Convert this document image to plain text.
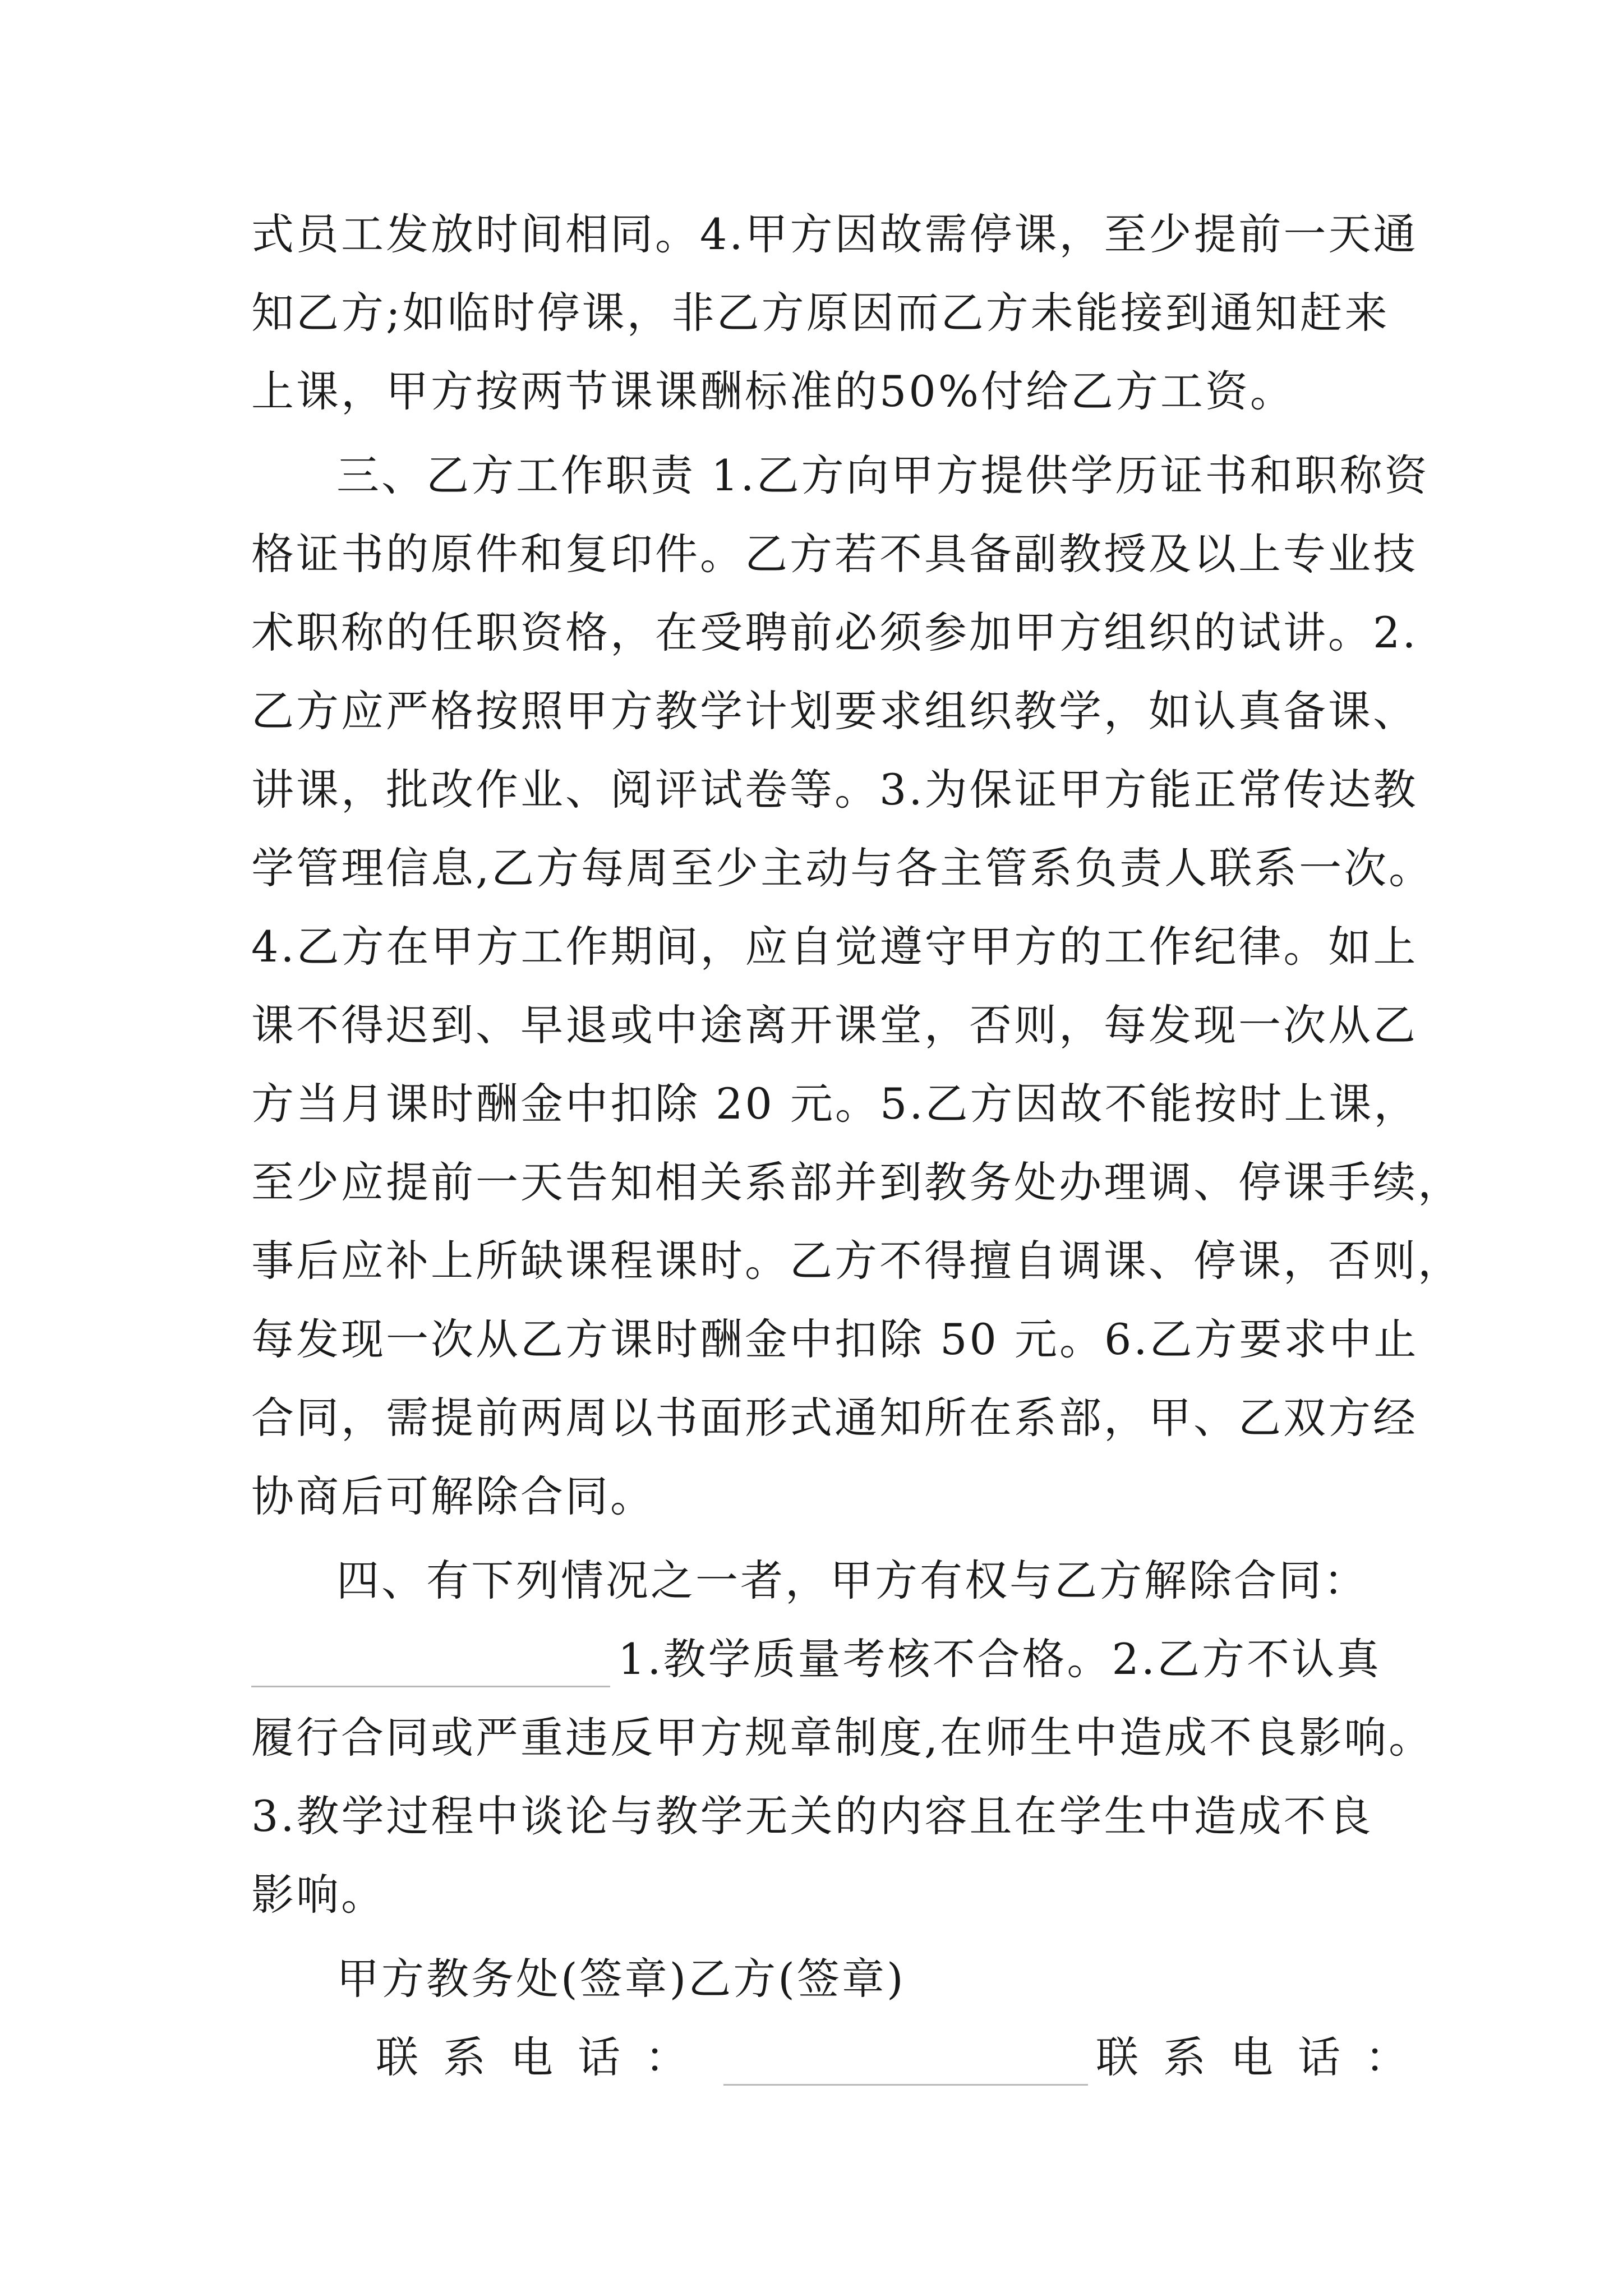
式员工发放时间相同。4.甲方因故需停课，至少提前一天通
知乙方;如临时停课，非乙方原因而乙方未能接到通知赶来
上课，甲方按两节课课酬标准的50%付给乙方工资。
三、乙方工作职责 1.乙方向甲方提供学历证书和职称资
格证书的原件和复印件。乙方若不具备副教授及以上专业技
术职称的任职资格，在受聘前必须参加甲方组织的试讲。2.
乙方应严格按照甲方教学计划要求组织教学，如认真备课、
讲课，批改作业、阅评试卷等。3.为保证甲方能正常传达教
学管理信息,乙方每周至少主动与各主管系负责人联系一次。
4.乙方在甲方工作期间，应自觉遵守甲方的工作纪律。如上
课不得迟到、早退或中途离开课堂，否则，每发现一次从乙
方当月课时酬金中扣除 20 元。5.乙方因故不能按时上课，
至少应提前一天告知相关系部并到教务处办理调、停课手续，
事后应补上所缺课程课时。乙方不得擅自调课、停课，否则，
每发现一次从乙方课时酬金中扣除 50 元。6.乙方要求中止
合同，需提前两周以书面形式通知所在系部，甲、乙双方经
协商后可解除合同。
四、有下列情况之一者，甲方有权与乙方解除合同：
1.教学质量考核不合格。2.乙方不认真
履行合同或严重违反甲方规章制度,在师生中造成不良影响。
3.教学过程中谈论与教学无关的内容且在学生中造成不良
影响。
甲方教务处(签章)乙方(签章)
联系电话：	联系电话：
